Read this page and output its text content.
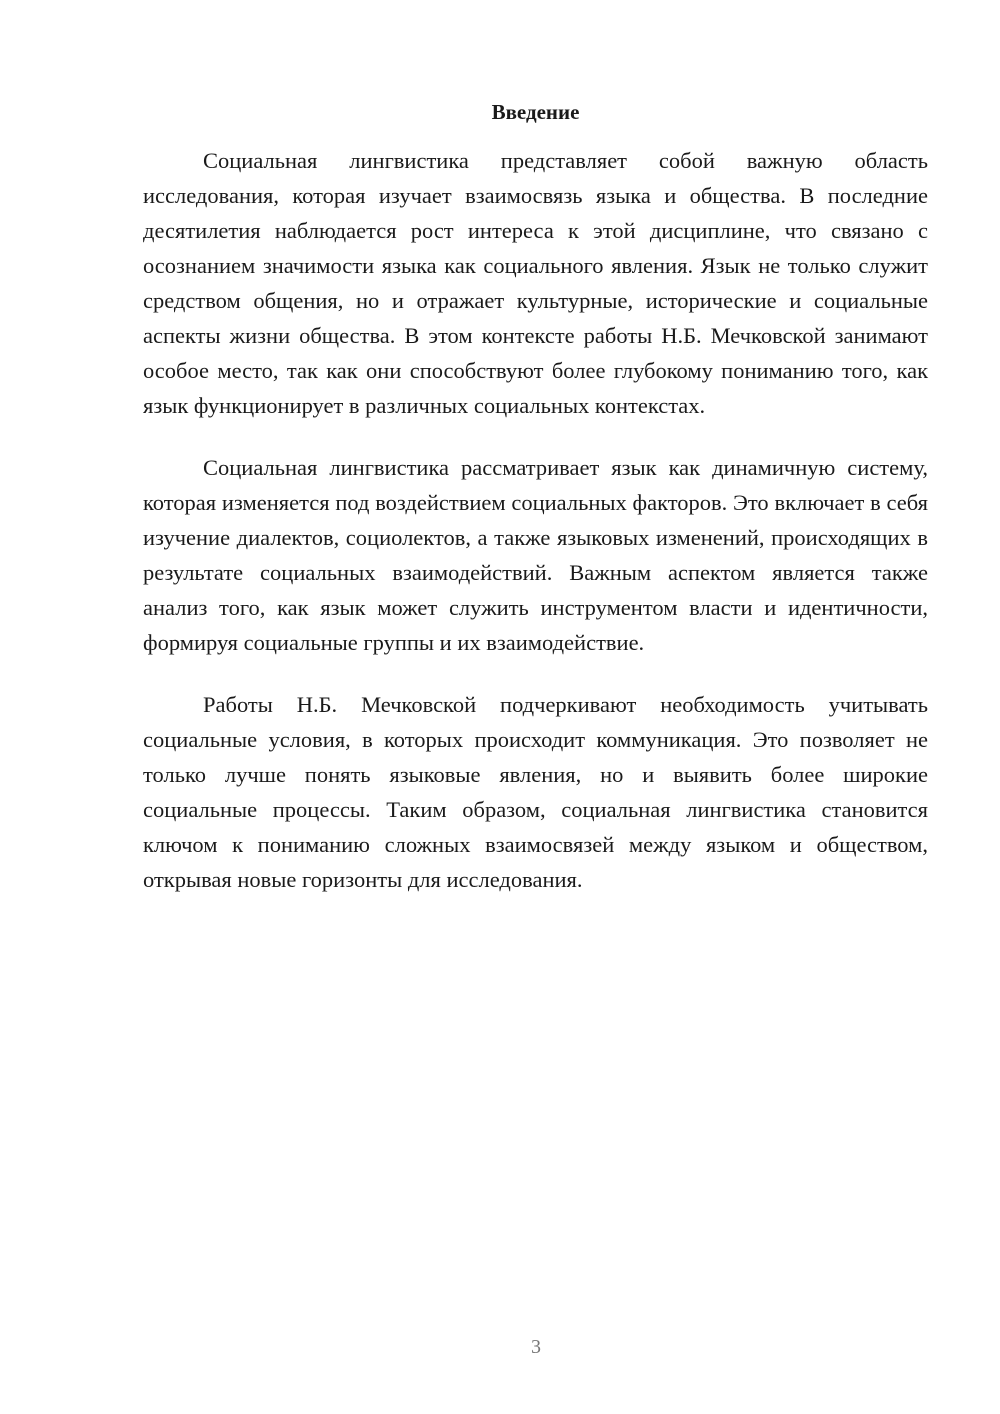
Введение

Социальная лингвистика представляет собой важную область исследования, которая изучает взаимосвязь языка и общества. В последние десятилетия наблюдается рост интереса к этой дисциплине, что связано с осознанием значимости языка как социального явления. Язык не только служит средством общения, но и отражает культурные, исторические и социальные аспекты жизни общества. В этом контексте работы Н.Б. Мечковской занимают особое место, так как они способствуют более глубокому пониманию того, как язык функционирует в различных социальных контекстах.

Социальная лингвистика рассматривает язык как динамичную систему, которая изменяется под воздействием социальных факторов. Это включает в себя изучение диалектов, социолектов, а также языковых изменений, происходящих в результате социальных взаимодействий. Важным аспектом является также анализ того, как язык может служить инструментом власти и идентичности, формируя социальные группы и их взаимодействие.

Работы Н.Б. Мечковской подчеркивают необходимость учитывать социальные условия, в которых происходит коммуникация. Это позволяет не только лучше понять языковые явления, но и выявить более широкие социальные процессы. Таким образом, социальная лингвистика становится ключом к пониманию сложных взаимосвязей между языком и обществом, открывая новые горизонты для исследования.

3
